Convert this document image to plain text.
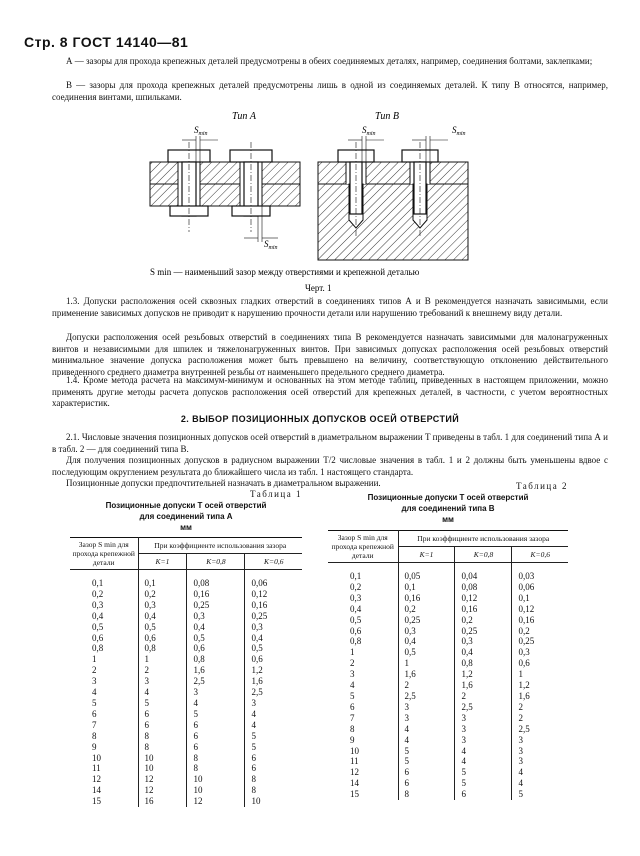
Стр. 8 ГОСТ 14140—81
А — зазоры для прохода крепежных деталей предусмотрены в обеих соединяемых деталях, например, соединения болтами, заклепками;
В — зазоры для прохода крепежных деталей предусмотрены лишь в одной из соединяемых деталей. К типу В относятся, например, соединения винтами, шпильками.
Тип А	Тип В
$S_{min}$
$S_{min}$
$S_{min}$	$S_{min}$
S min — наименьший зазор между отверстиями и крепежной деталью
Черт. 1
1.3. Допуски расположения осей сквозных гладких отверстий в соединениях типов А и В рекомендуется назначать зависимыми, если применение зависимых допусков не приводит к нарушению прочности детали или нарушению требований к внешнему виду детали.
Допуски расположения осей резьбовых отверстий в соединениях типа В рекомендуется назначать зависимыми для малонагруженных винтов и независимыми для шпилек и тяжелонагруженных винтов. При зависимых допусках расположения осей резьбовых отверстий минимальное значение допуска расположения может быть превышено на величину, соответствующую отклонению действительного приведенного среднего диаметра внутренней резьбы от наименьшего предельного среднего диаметра.
1.4. Кроме метода расчета на максимум-минимум и основанных на этом методе таблиц, приведенных в настоящем приложении, можно применять другие методы расчета допусков расположения осей отверстий для крепежных деталей, в частности, с учетом вероятностных характеристик.
2. ВЫБОР ПОЗИЦИОННЫХ ДОПУСКОВ ОСЕЙ ОТВЕРСТИЙ
2.1. Числовые значения позиционных допусков осей отверстий в диаметральном выражении T приведены в табл. 1 для соединений типа А и в табл. 2 — для соединений типа В.
Для получения позиционных допусков в радиусном выражении T/2 числовые значения в табл. 1 и 2 должны быть уменьшены вдвое с последующим округлением результата до ближайшего числа из табл. 1 настоящего стандарта.
Позиционные допуски предпочтительней назначать в диаметральном выражении.
Таблица 1
Позиционные допуски T осей отверстий
для соединений типа А
мм
Таблица 2
Позиционные допуски T осей отверстий
для соединений типа В
мм
Зазор S min для прохода крепежной детали	При коэффициенте использования зазора		
	K=1	K=0,8	K=0,6
0,1	0,1	0,08	0,06
0,2	0,2	0,16	0,12
0,3	0,3	0,25	0,16
0,4	0,4	0,3	0,25
0,5	0,5	0,4	0,3
0,6	0,6	0,5	0,4
0,8	0,8	0,6	0,5
1	1	0,8	0,6
2	2	1,6	1,2
3	3	2,5	1,6
4	4	3	2,5
5	5	4	3
6	6	5	4
7	6	6	4
8	8	6	5
9	8	6	5
10	10	8	6
11	10	8	6
12	12	10	8
14	12	10	8
15	16	12	10
Зазор S min для прохода крепежной детали	При коэффициенте использования зазора		
	K=1	K=0,8	K=0,6
0,1	0,05	0,04	0,03
0,2	0,1	0,08	0,06
0,3	0,16	0,12	0,1
0,4	0,2	0,16	0,12
0,5	0,25	0,2	0,16
0,6	0,3	0,25	0,2
0,8	0,4	0,3	0,25
1	0,5	0,4	0,3
2	1	0,8	0,6
3	1,6	1,2	1
4	2	1,6	1,2
5	2,5	2	1,6
6	3	2,5	2
7	3	3	2
8	4	3	2,5
9	4	3	3
10	5	4	3
11	5	4	3
12	6	5	4
14	6	5	4
15	8	6	5
